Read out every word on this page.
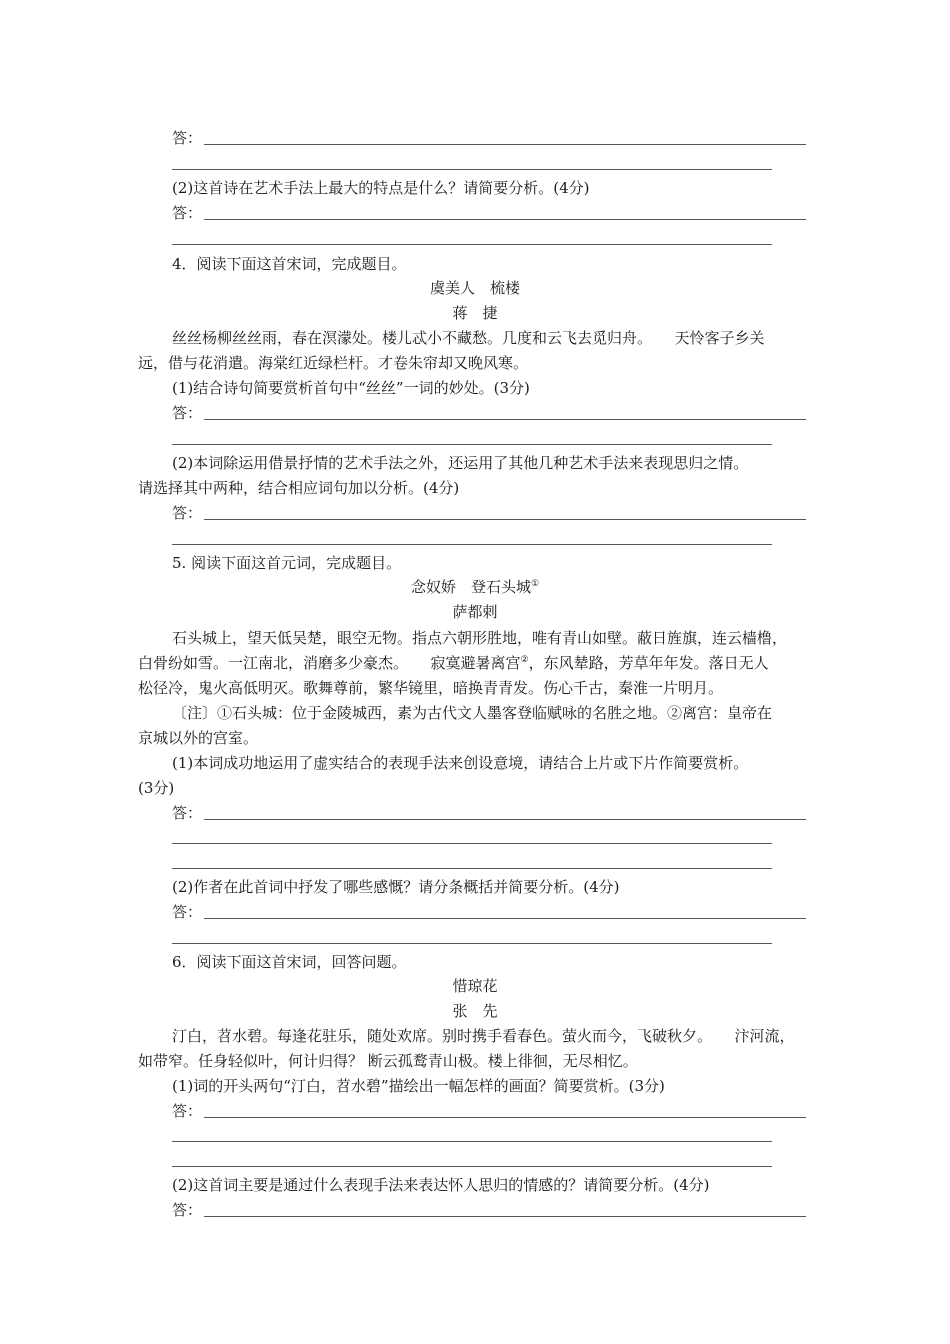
答：
(2)这首诗在艺术手法上最大的特点是什么？请简要分析。(4分)
答：
4．阅读下面这首宋词，完成题目。
虞美人　梳楼
蒋　捷
丝丝杨柳丝丝雨，春在溟濛处。楼儿忒小不藏愁。几度和云飞去觅归舟。　　天怜客子乡关
远，借与花消遣。海棠红近绿栏杆。才卷朱帘却又晚风寒。
(1)结合诗句简要赏析首句中“丝丝”一词的妙处。(3分)
答：
(2)本词除运用借景抒情的艺术手法之外，还运用了其他几种艺术手法来表现思归之情。
请选择其中两种，结合相应词句加以分析。(4分)
答：
5. 阅读下面这首元词，完成题目。
念奴娇　登石头城①
萨都剌
石头城上，望天低吴楚，眼空无物。指点六朝形胜地，唯有青山如壁。蔽日旌旗，连云樯橹，
白骨纷如雪。一江南北，消磨多少豪杰。　　寂寞避暑离宫②，东风辇路，芳草年年发。落日无人
松径冷，鬼火高低明灭。歌舞尊前，繁华镜里，暗换青青发。伤心千古，秦淮一片明月。
〔注〕①石头城：位于金陵城西，素为古代文人墨客登临赋咏的名胜之地。②离宫：皇帝在
京城以外的宫室。
(1)本词成功地运用了虚实结合的表现手法来创设意境，请结合上片或下片作简要赏析。
(3分)
答：
(2)作者在此首词中抒发了哪些感慨？请分条概括并简要分析。(4分)
答：
6．阅读下面这首宋词，回答问题。
惜琼花
张　先
汀白，苕水碧。每逢花驻乐，随处欢席。别时携手看春色。萤火而今，飞破秋夕。　　汴河流，
如带窄。任身轻似叶，何计归得？ 断云孤鹜青山极。楼上徘徊，无尽相忆。
(1)词的开头两句“汀白，苕水碧”描绘出一幅怎样的画面？简要赏析。(3分)
答：
(2)这首词主要是通过什么表现手法来表达怀人思归的情感的？请简要分析。(4分)
答：
